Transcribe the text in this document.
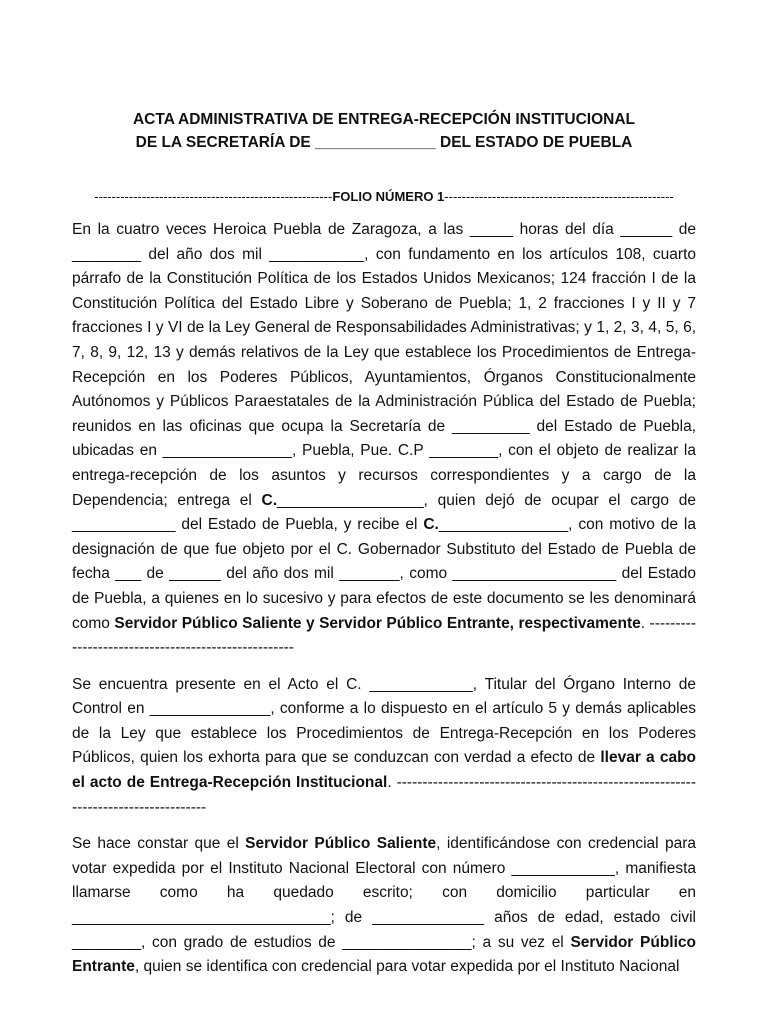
ACTA ADMINISTRATIVA DE ENTREGA-RECEPCIÓN INSTITUCIONAL
DE LA SECRETARÍA DE ______________ DEL ESTADO DE PUEBLA
-------------------------------------------------------FOLIO NÚMERO 1-----------------------------------------------------

En la cuatro veces Heroica Puebla de Zaragoza, a las _____ horas del día ______ de ________ del año dos mil ___________, con fundamento en los artículos 108, cuarto párrafo de la Constitución Política de los Estados Unidos Mexicanos; 124 fracción I de la Constitución Política del Estado Libre y Soberano de Puebla; 1, 2 fracciones I y II y 7 fracciones I y VI de la Ley General de Responsabilidades Administrativas; y 1, 2, 3, 4, 5, 6, 7, 8, 9, 12, 13 y demás relativos de la Ley que establece los Procedimientos de Entrega-Recepción en los Poderes Públicos, Ayuntamientos, Órganos Constitucionalmente Autónomos y Públicos Paraestatales de la Administración Pública del Estado de Puebla; reunidos en las oficinas que ocupa la Secretaría de _________ del Estado de Puebla, ubicadas en _______________, Puebla, Pue. C.P ________, con el objeto de realizar la entrega-recepción de los asuntos y recursos correspondientes y a cargo de la Dependencia; entrega el C._________________, quien dejó de ocupar el cargo de ____________ del Estado de Puebla, y recibe el C._______________, con motivo de la designación de que fue objeto por el C. Gobernador Substituto del Estado de Puebla de fecha ___ de ______ del año dos mil _______, como ___________________ del Estado de Puebla, a quienes en lo sucesivo y para efectos de este documento se les denominará como Servidor Público Saliente y Servidor Público Entrante, respectivamente. ----------------------------------------------------

Se encuentra presente en el Acto el C. ____________, Titular del Órgano Interno de Control en ______________, conforme a lo dispuesto en el artículo 5 y demás aplicables de la Ley que establece los Procedimientos de Entrega-Recepción en los Poderes Públicos, quien los exhorta para que se conduzcan con verdad a efecto de llevar a cabo el acto de Entrega-Recepción Institucional. ------------------------------------------------------------------------------------

Se hace constar que el Servidor Público Saliente, identificándose con credencial para votar expedida por el Instituto Nacional Electoral con número ____________, manifiesta llamarse como ha quedado escrito; con domicilio particular en ______________________________; de _____________ años de edad, estado civil ________, con grado de estudios de _______________; a su vez el Servidor Público Entrante, quien se identifica con credencial para votar expedida por el Instituto Nacional
